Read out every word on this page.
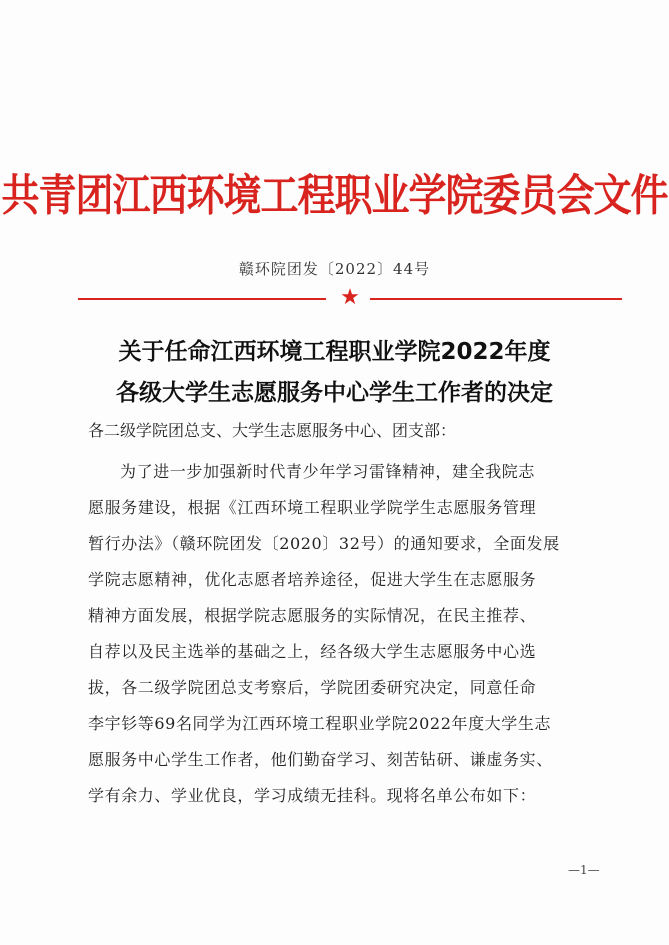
共青团江西环境工程职业学院委员会文件
赣环院团发〔2022〕44号
★
关于任命江西环境工程职业学院2022年度
各级大学生志愿服务中心学生工作者的决定
各二级学院团总支、大学生志愿服务中心、团支部：
为了进一步加强新时代青少年学习雷锋精神，建全我院志
愿服务建设，根据《江西环境工程职业学院学生志愿服务管理
暂行办法》（赣环院团发〔2020〕32号）的通知要求，全面发展
学院志愿精神，优化志愿者培养途径，促进大学生在志愿服务
精神方面发展，根据学院志愿服务的实际情况，在民主推荐、
自荐以及民主选举的基础之上，经各级大学生志愿服务中心选
拔，各二级学院团总支考察后，学院团委研究决定，同意任命
李宇钐等69名同学为江西环境工程职业学院2022年度大学生志
愿服务中心学生工作者，他们勤奋学习、刻苦钻研、谦虚务实、
学有余力、学业优良，学习成绩无挂科。现将名单公布如下：
—1—
